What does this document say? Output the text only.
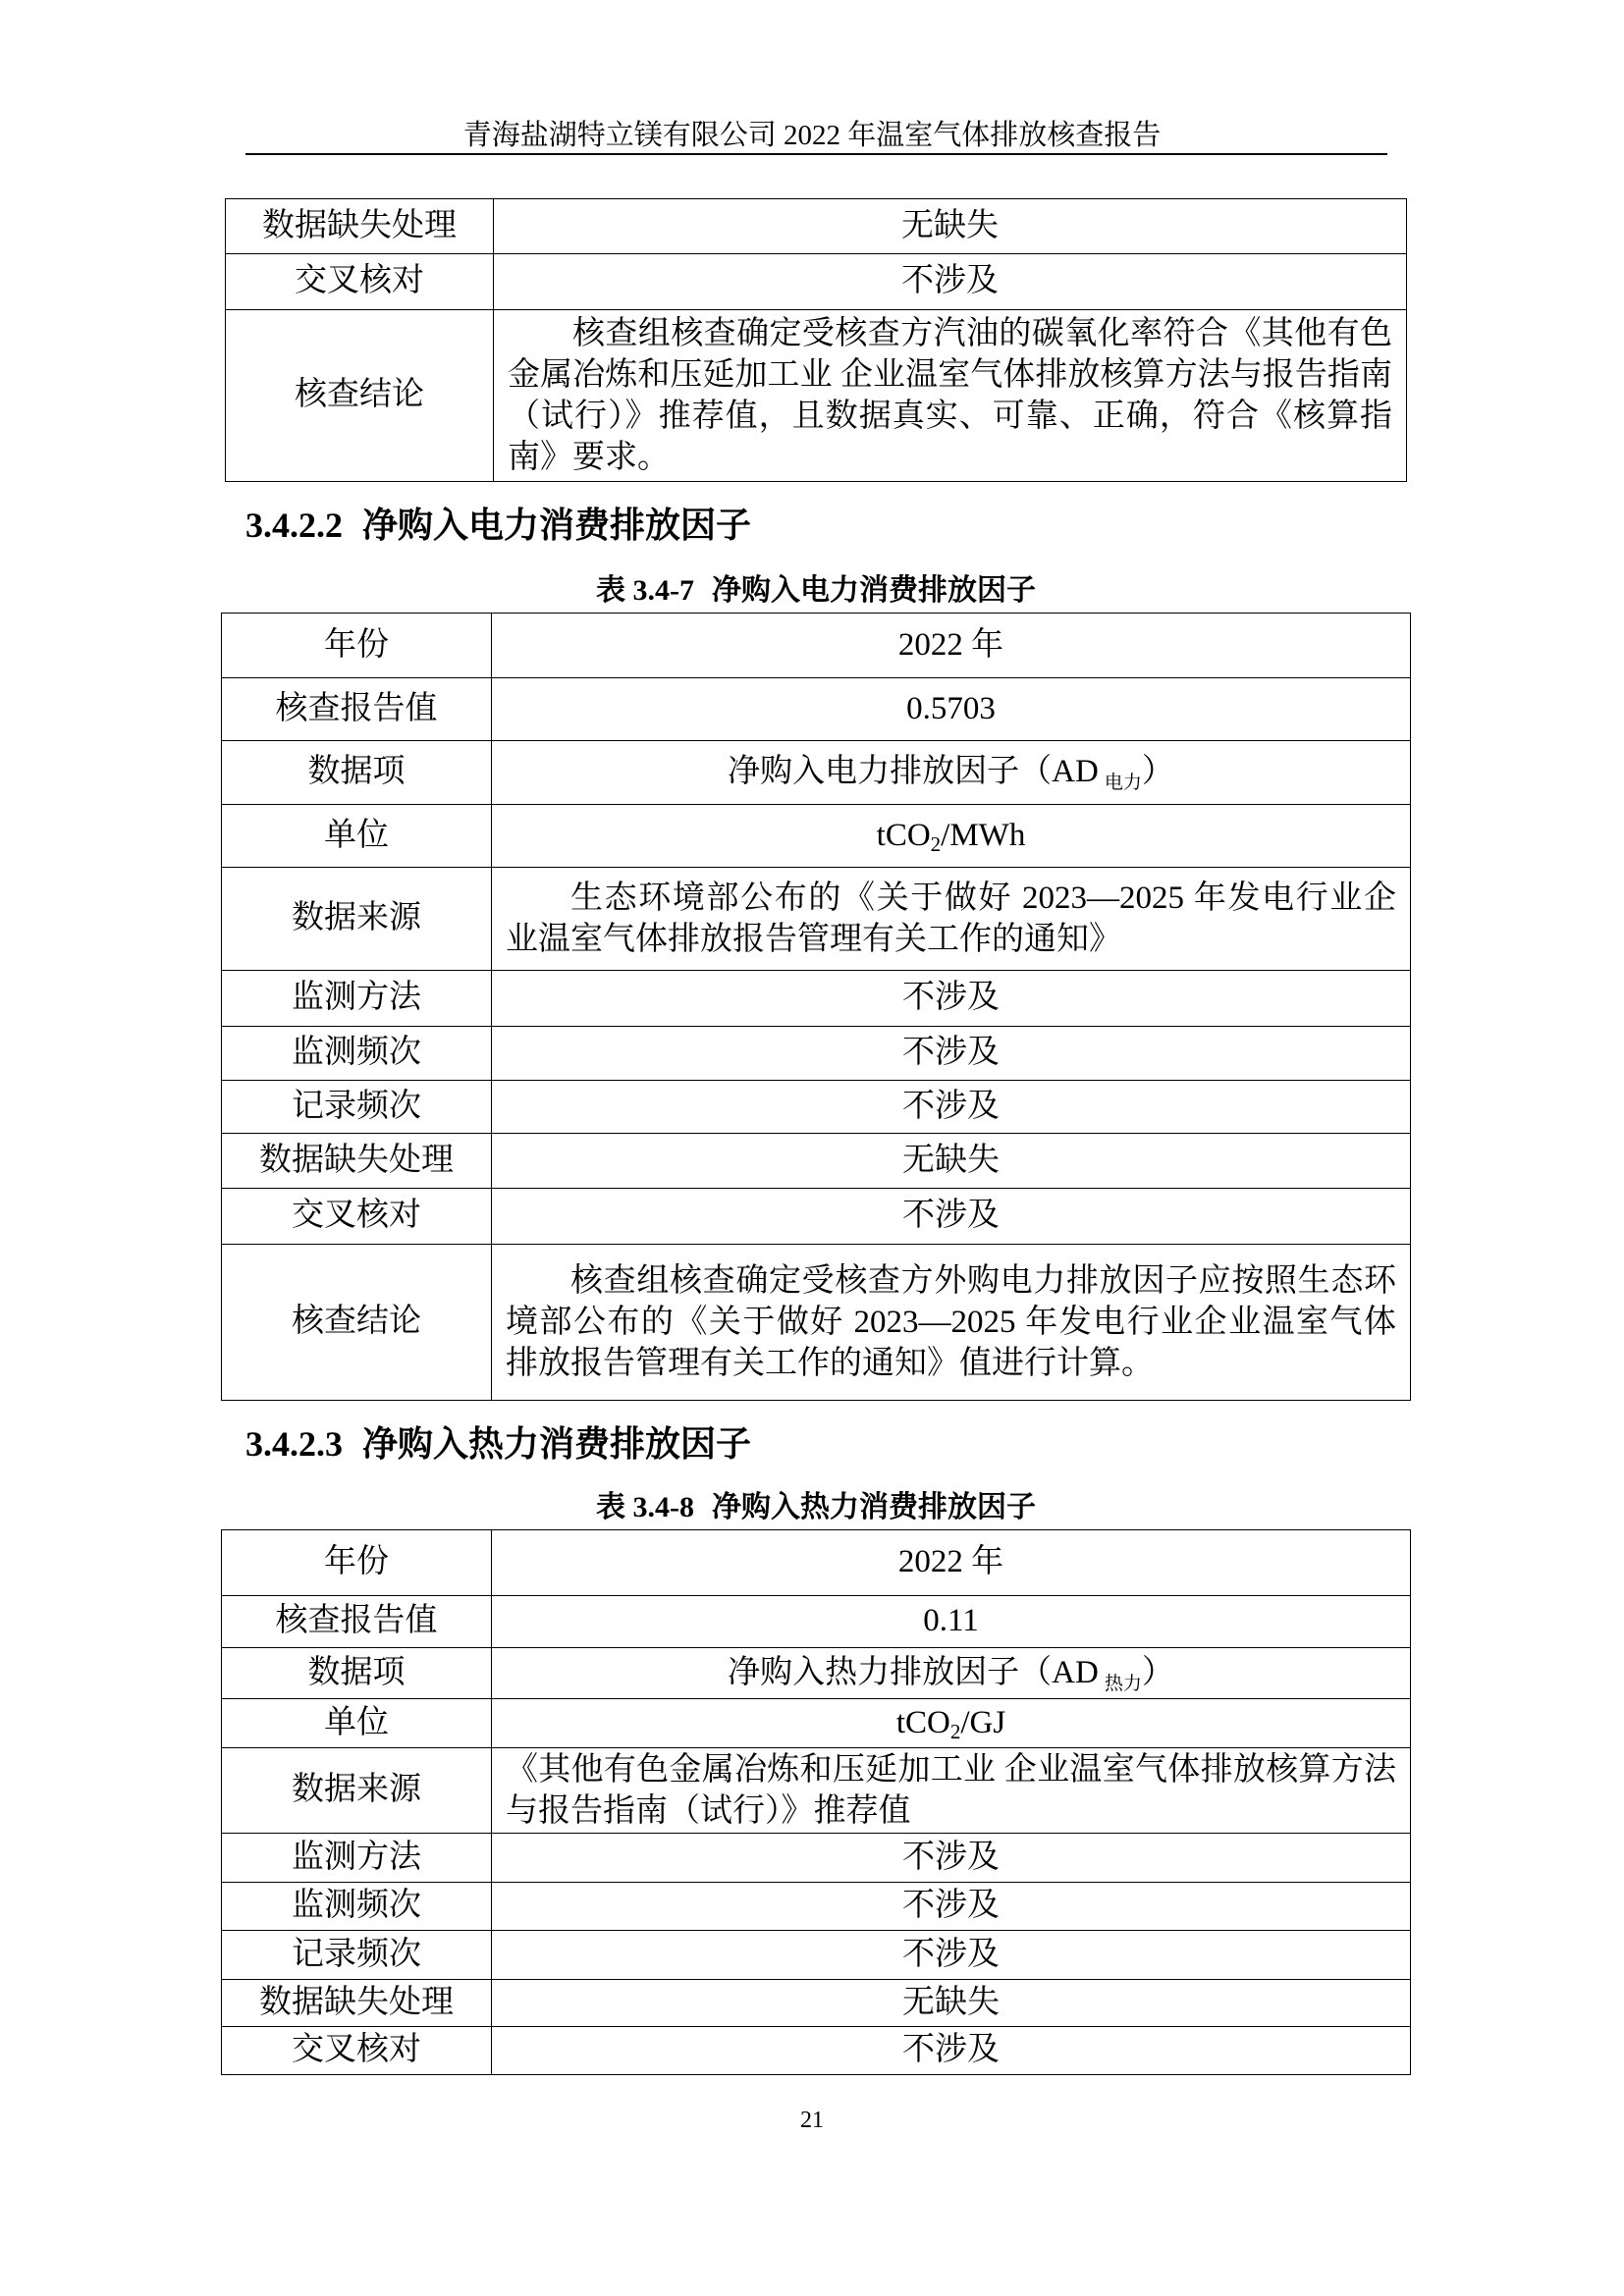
青海盐湖特立镁有限公司 2022 年温室气体排放核查报告
数据缺失处理	无缺失
交叉核对	不涉及
核查结论	核查组核查确定受核查方汽油的碳氧化率符合《其他有色金属冶炼和压延加工业 企业温室气体排放核算方法与报告指南（试行）》推荐值，且数据真实、可靠、正确，符合《核算指南》要求。
3.4.2.2 净购入电力消费排放因子
表 3.4-7 净购入电力消费排放因子
年份	2022 年
核查报告值	0.5703
数据项	净购入电力排放因子（AD $_{电力}$）
单位	tCO2/MWh
数据来源	生态环境部公布的《关于做好 2023—2025 年发电行业企业温室气体排放报告管理有关工作的通知》
监测方法	不涉及
监测频次	不涉及
记录频次	不涉及
数据缺失处理	无缺失
交叉核对	不涉及
核查结论	核查组核查确定受核查方外购电力排放因子应按照生态环境部公布的《关于做好 2023—2025 年发电行业企业温室气体排放报告管理有关工作的通知》值进行计算。
3.4.2.3 净购入热力消费排放因子
表 3.4-8 净购入热力消费排放因子
年份	2022 年
核查报告值	0.11
数据项	净购入热力排放因子（AD $_{热力}$）
单位	tCO2/GJ
数据来源	《其他有色金属冶炼和压延加工业 企业温室气体排放核算方法与报告指南（试行）》推荐值
监测方法	不涉及
监测频次	不涉及
记录频次	不涉及
数据缺失处理	无缺失
交叉核对	不涉及
21
